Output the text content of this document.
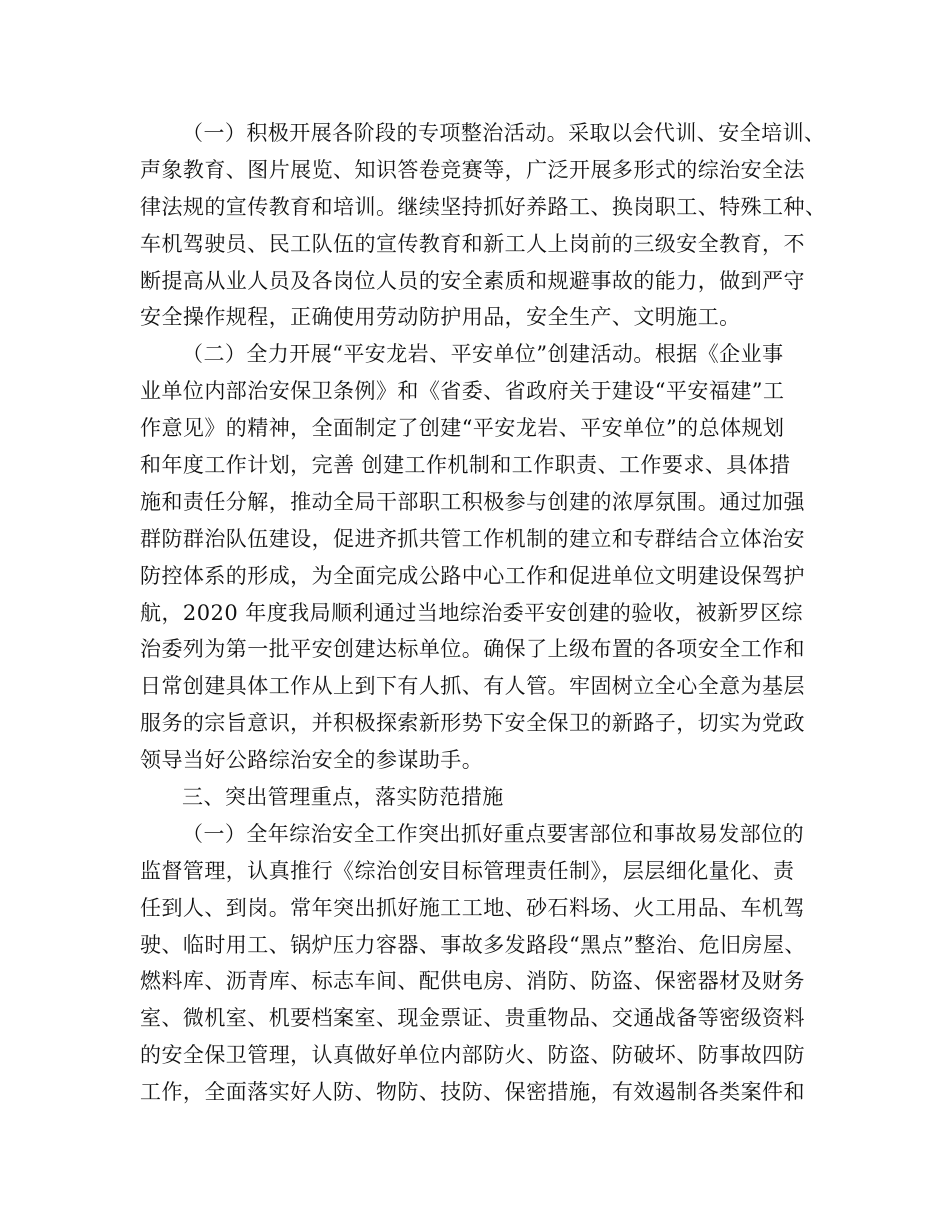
（一）积极开展各阶段的专项整治活动。采取以会代训、安全培训、
声象教育、图片展览、知识答卷竞赛等，广泛开展多形式的综治安全法
律法规的宣传教育和培训。继续坚持抓好养路工、换岗职工、特殊工种、
车机驾驶员、民工队伍的宣传教育和新工人上岗前的三级安全教育，不
断提高从业人员及各岗位人员的安全素质和规避事故的能力，做到严守
安全操作规程，正确使用劳动防护用品，安全生产、文明施工。
（二）全力开展“平安龙岩、平安单位”创建活动。根据《企业事
业单位内部治安保卫条例》和《省委、省政府关于建设“平安福建”工
作意见》的精神，全面制定了创建“平安龙岩、平安单位”的总体规划
和年度工作计划，完善 创建工作机制和工作职责、工作要求、具体措
施和责任分解，推动全局干部职工积极参与创建的浓厚氛围。通过加强
群防群治队伍建设，促进齐抓共管工作机制的建立和专群结合立体治安
防控体系的形成，为全面完成公路中心工作和促进单位文明建设保驾护
航，2020 年度我局顺利通过当地综治委平安创建的验收，被新罗区综
治委列为第一批平安创建达标单位。确保了上级布置的各项安全工作和
日常创建具体工作从上到下有人抓、有人管。牢固树立全心全意为基层
服务的宗旨意识，并积极探索新形势下安全保卫的新路子，切实为党政
领导当好公路综治安全的参谋助手。
三、突出管理重点，落实防范措施
（一）全年综治安全工作突出抓好重点要害部位和事故易发部位的
监督管理，认真推行《综治创安目标管理责任制》，层层细化量化、责
任到人、到岗。常年突出抓好施工工地、砂石料场、火工用品、车机驾
驶、临时用工、锅炉压力容器、事故多发路段“黑点”整治、危旧房屋、
燃料库、沥青库、标志车间、配供电房、消防、防盗、保密器材及财务
室、微机室、机要档案室、现金票证、贵重物品、交通战备等密级资料
的安全保卫管理，认真做好单位内部防火、防盗、防破坏、防事故四防
工作，全面落实好人防、物防、技防、保密措施，有效遏制各类案件和
